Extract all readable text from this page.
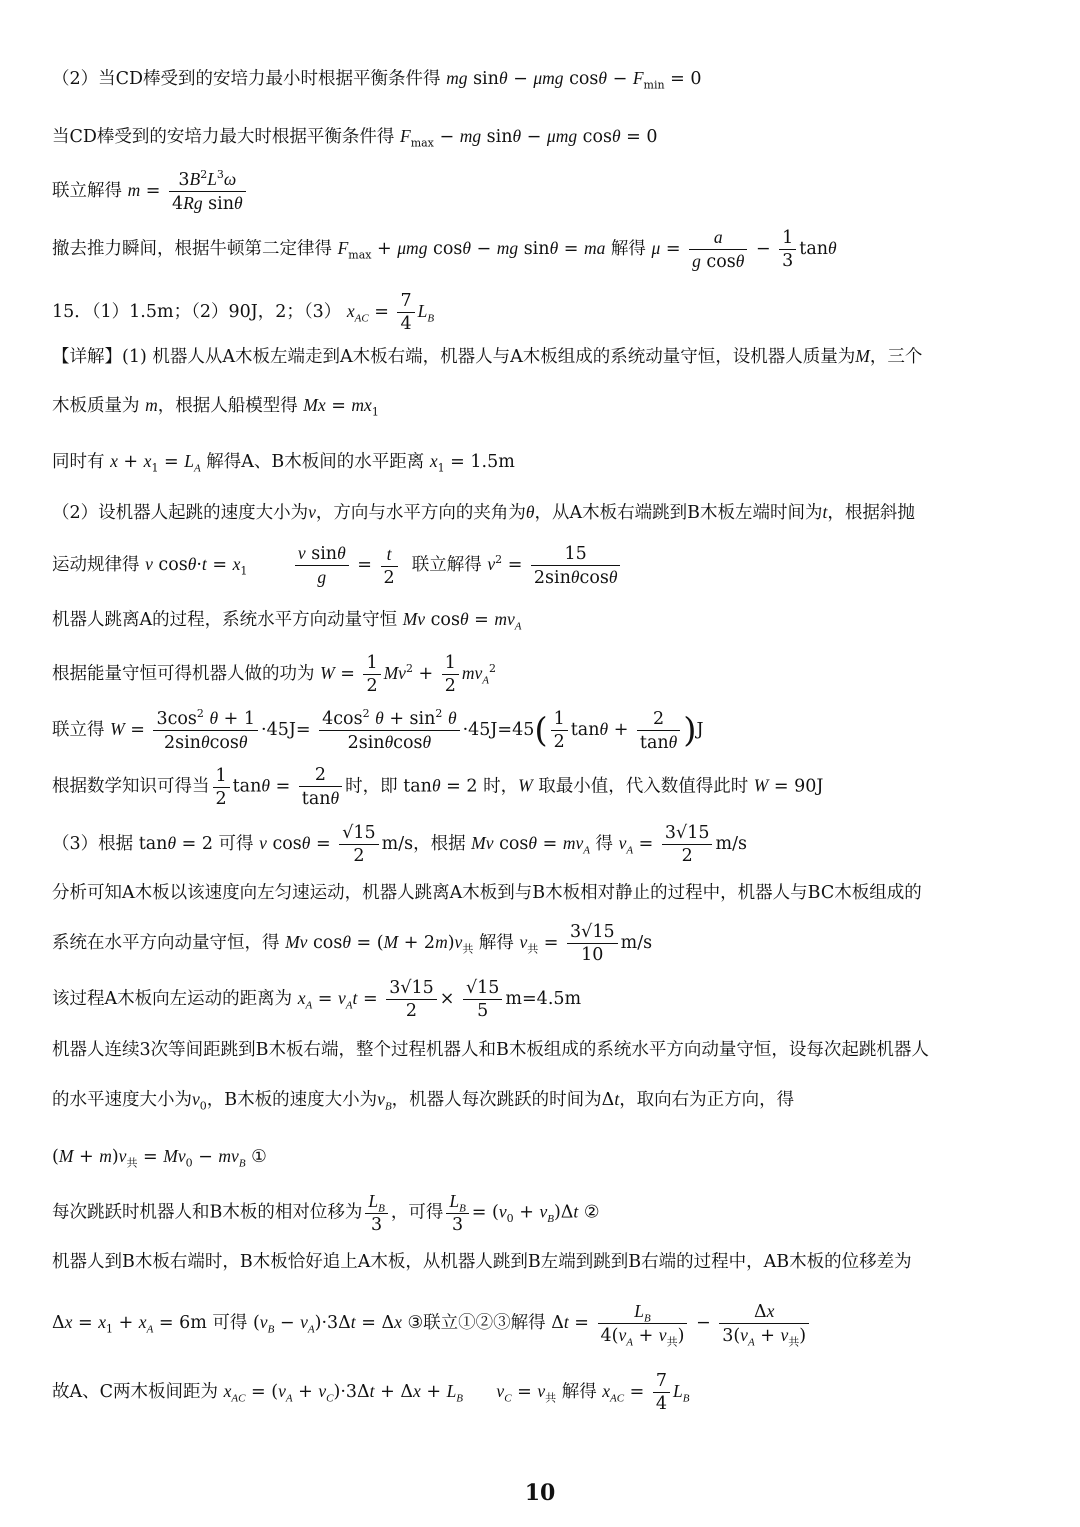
（2）当CD棒受到的安培力最小时根据平衡条件得 mg sinθ − μmg $\cos\theta - F_{min} = 0$
当CD棒受到的安培力最大时根据平衡条件得 $F_{max}$ − mg sinθ − μmg cosθ = 0
联立解得 $m = \frac{3B^2L^3\omega}{\text{4Rg sinθ}}$
撤去推力瞬间，根据牛顿第二定律得 $F_{max} + \mu mg$ cosθ − mg sinθ = ma 解得 $\mu = \frac{a}{\text{g cosθ}} - \frac{1}{3}$ tanθ
15．（1）1.5m；（2）90J，2；（3） $x_{AC} = \frac{7}{4} L_B$
【详解】(1) 机器人从A木板左端走到A木板右端，机器人与A木板组成的系统动量守恒，设机器人质量为M，三个
木板质量为 m，根据人船模型得 $Mx = mx_1$
同时有 $x + x_1 = L_A$ 解得A、B木板间的水平距离 $x_1 = 1.5m$
（2）设机器人起跳的速度大小为v，方向与水平方向的夹角为θ，从A木板右端跳到B木板左端时间为t，根据斜抛
运动规律得 v $\cos\theta\cdot t = x_1$	$\frac{\text{v sinθ}}{g} = \frac{t}{2}$ 联立解得 $v^2 = \frac{15}{2\sin\theta\cos\theta}$
机器人跳离A的过程，系统水平方向动量守恒 Mv $\cos\theta = mv_A$
根据能量守恒可得机器人做的功为 $W = \frac{1}{2} Mv^2 + \frac{1}{2} mv_A^2$
联立得 $W = \frac{3\cos^2 \theta + 1}{2\sin\theta\cos\theta} \cdot 45J= \frac{4\cos^2 \theta + \sin^2 \theta}{2\sin\theta\cos\theta} \cdot 45J=45( \frac{1}{2}$ $\tan\theta + \frac{2}{\tan\theta} )J$
根据数学知识可得当 $\frac{1}{2}$ $\tan\theta = \frac{2}{\tan\theta}$ 时，即 tanθ = 2 时，W 取最小值，代入数值得此时 W = 90J
（3）根据 tanθ = 2 可得 v $\cos\theta = \frac{√15}{2} m/s$，根据 Mv $\cos\theta = mv_A$ 得 $v_A = \frac{3√15}{2} m/s$
分析可知A木板以该速度向左匀速运动，机器人跳离A木板到与B木板相对静止的过程中，机器人与BC木板组成的
系统在水平方向动量守恒，得 Mv $\cos\theta = (M + 2m)v_共$ 解得 $v_共 = \frac{3√15}{10} m/s$
该过程A木板向左运动的距离为 $x_A = v_At = \frac{3√15}{2} \times \frac{√15}{5} m=4.5m$
机器人连续3次等间距跳到B木板右端，整个过程机器人和B木板组成的系统水平方向动量守恒，设每次起跳机器人
的水平速度大小为$v_0$，B木板的速度大小为$v_B$，机器人每次跳跃的时间为Δt，取向右为正方向，得
$(M + m)v_共 = Mv_0 - mv_B$ ①
每次跳跃时机器人和B木板的相对位移为 $\frac{L_B}{3}$ ，可得 $\frac{L_B}{3} = (v_0 + v_B)\Delta t$ ②
机器人到B木板右端时，B木板恰好追上A木板，从机器人跳到B左端到跳到B右端的过程中，AB木板的位移差为
$\Delta x = x_1 + x_A = 6m$ 可得 $(v_B - v_A)\cdot 3\Delta t = \Delta x$ ③联立①②③解得 $\Delta t = \frac{L_B}{4(v_A + v_共)} - \frac{\Delta x}{3(v_A + v_共)}$
故A、C两木板间距为 $x_{AC} = (v_A + v_C)\cdot 3\Delta t + \Delta x + L_B$ $v_C = v_共$ 解得 $x_{AC} = \frac{7}{4} L_B$
10
